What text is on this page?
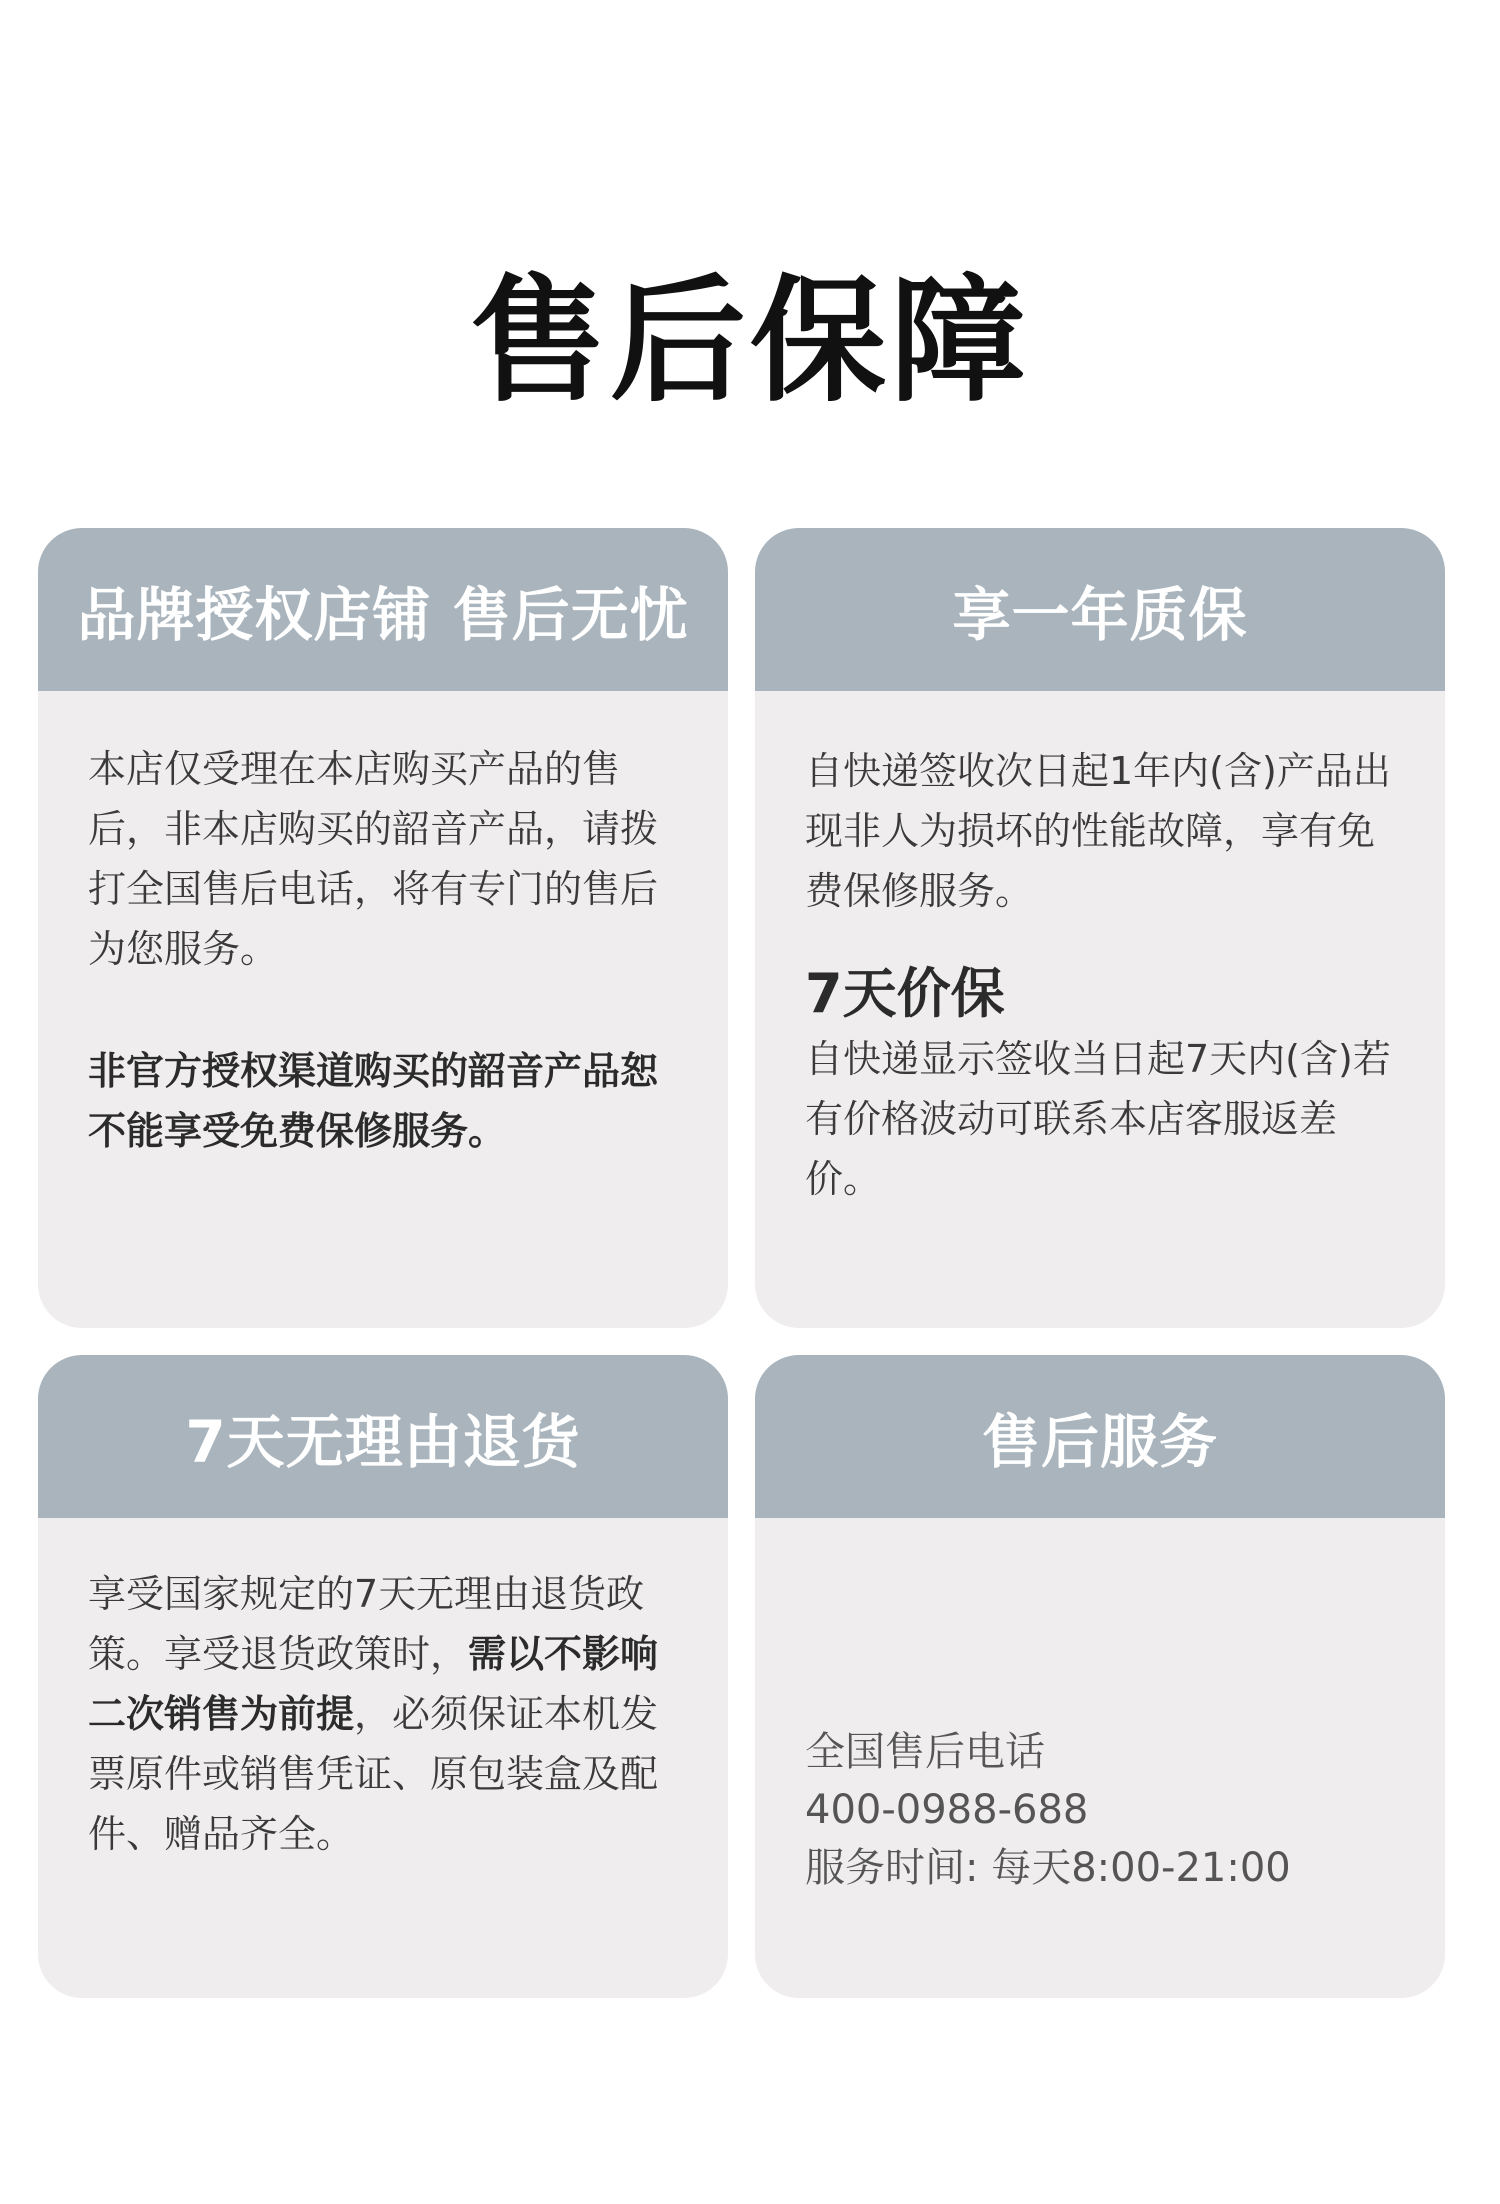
售后保障
品牌授权店铺 售后无忧

本店仅受理在本店购买产品的售后，非本店购买的韶音产品，请拨打全国售后电话，将有专门的售后为您服务。

非官方授权渠道购买的韶音产品恕不能享受免费保修服务。

享一年质保

自快递签收次日起1年内(含)产品出现非人为损坏的性能故障，享有免费保修服务。

7天价保

自快递显示签收当日起7天内(含)若有价格波动可联系本店客服返差价。

7天无理由退货

享受国家规定的7天无理由退货政策。享受退货政策时，需以不影响二次销售为前提，必须保证本机发票原件或销售凭证、原包装盒及配件、赠品齐全。

售后服务

全国售后电话

400-0988-688

服务时间: 每天8:00-21:00
